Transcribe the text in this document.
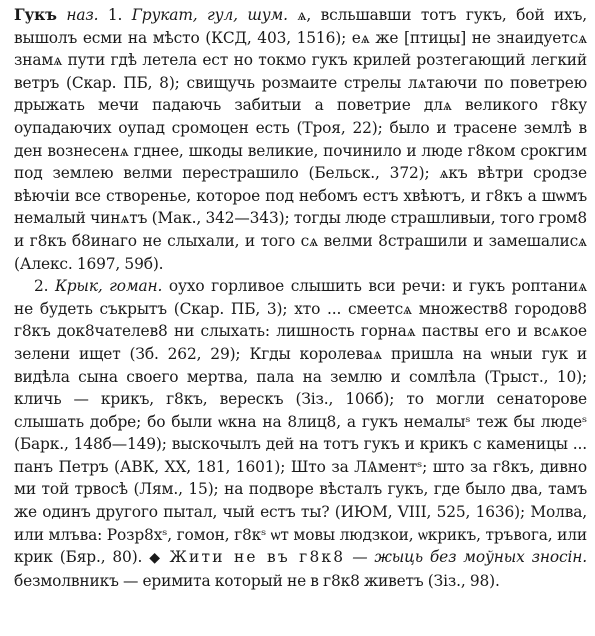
Гукъ наз. 1. Грукат, гул, шум. ѧ, всльшавши тотъ гукъ, бой ихъ, вышолъ есми на мѣсто (КСД, 403, 1516); еѧ же [птицы] не знаидуетсѧ знамѧ пути гдѣ летела ест но токмо гукъ крилей розтегающий легкий ветръ (Скар. ПБ, 8); свищучь розмаите стрелы лѧтаючи по поветрею дрыжать мечи падаючь забитыи а поветрие длѧ великого г8ку оупадаючих оупад сромоцен есть (Троя, 22); было и трасене землѣ в ден вознесенѧ гднее, шкоды великие, починило и люде г8ком срокгим под землею велми перестрашило (Бельск., 372); ѧкъ вѣтри сродзе вѣючiи все створенье, которое под небомъ естъ хвѣютъ, и г8къ а шѡмъ немалый чинѧтъ (Мак., 342—343); тогды люде страшливыи, того гром8 и г8къ б8инаго не слыхали, и того сѧ велми 8страшили и замешалисѧ (Алекс. 1697, 59б).

2. Крык, гоман. оухо горливое слышить вси речи: и гукъ роптаниѧ не будеть съкрытъ (Скар. ПБ, 3); хто ... смеетсѧ множеств8 городов8 г8къ док8чателев8 ни слыхать: лишность горнаѧ паствы его и всѧкое зелени ищет (Зб. 262, 29); Кгды королеваѧ пришла на ѡныи гук и видѣла сына своего мертва, пала на землю и сомлѣла (Трыст., 10); кличь — крикъ, г8къ, верескъ (Зiз., 106б); то могли сенаторове слышать добре; бо были ѡкна на 8лиц8, а гукъ немалыˢ теж бы людеˢ (Барк., 148б—149); выскочылъ дей на тотъ гукъ и крикъ с каменицы ... панъ Петръ (АВК, XX, 181, 1601); Што за ЛѦментˢ; што за г8къ, дивно ми той трвосѣ (Лям., 15); на подворе вѣсталъ гукъ, где было два, тамъ же одинъ другого пытал, чый естъ ты? (ИЮМ, VIII, 525, 1636); Молва, или млъва: Розр8хˢ, гомон, г8кˢ ѡт мовы людзкои, ѡкрикъ, тръвога, или крик (Бяр., 80). ◆ Жити не въ г8к8 — жыць без моўных зносін. безмолвникъ — еримита который не в г8к8 живетъ (Зiз., 98).
